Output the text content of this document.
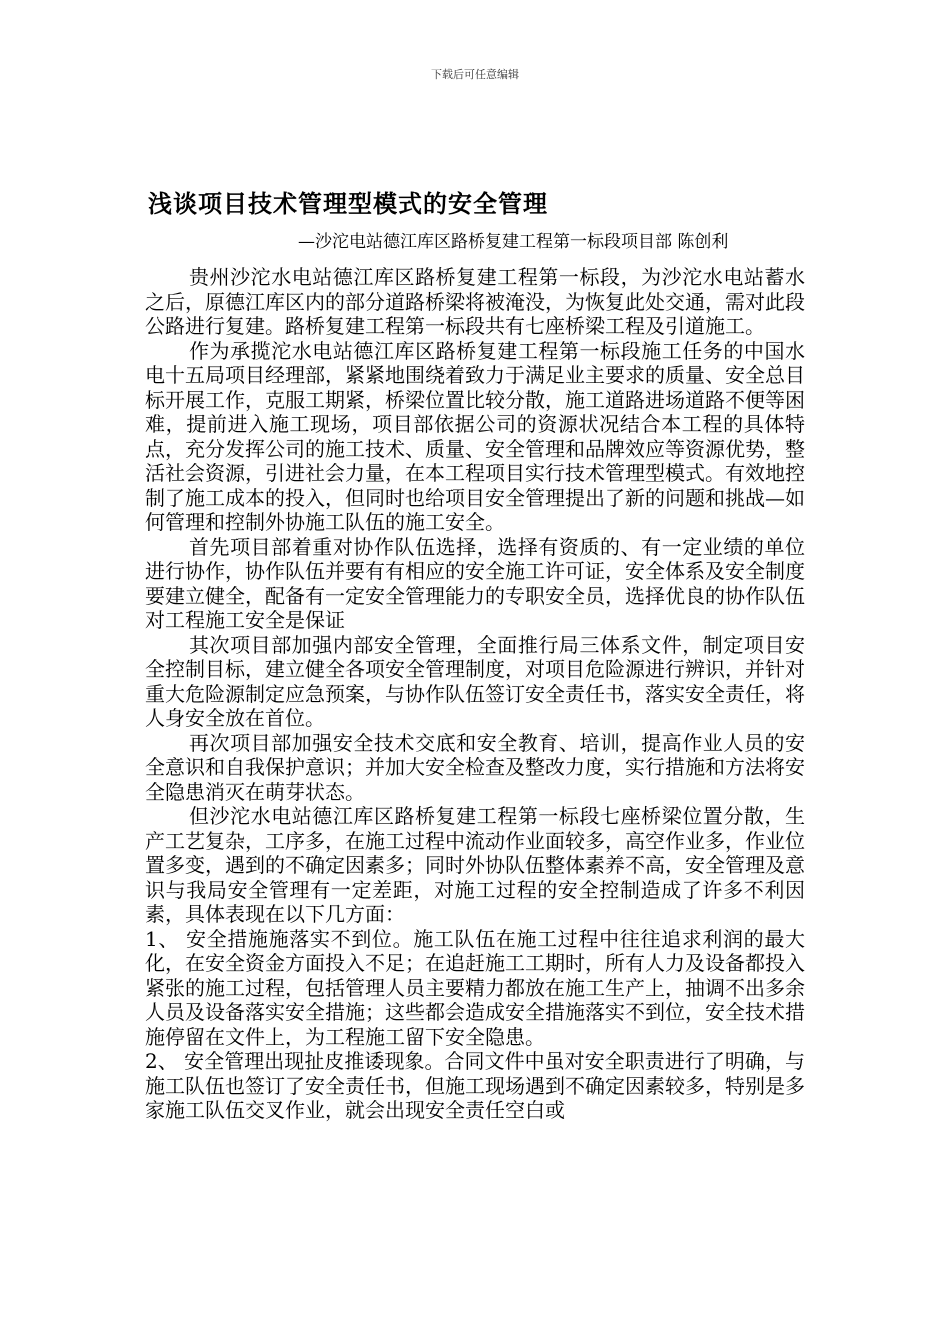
下载后可任意编辑
浅谈项目技术管理型模式的安全管理
—沙沱电站德江库区路桥复建工程第一标段项目部 陈创利

贵州沙沱水电站德江库区路桥复建工程第一标段，为沙沱水电站蓄水之后，原德江库区内的部分道路桥梁将被淹没，为恢复此处交通，需对此段公路进行复建。路桥复建工程第一标段共有七座桥梁工程及引道施工。

作为承揽沱水电站德江库区路桥复建工程第一标段施工任务的中国水电十五局项目经理部，紧紧地围绕着致力于满足业主要求的质量、安全总目标开展工作，克服工期紧，桥梁位置比较分散，施工道路进场道路不便等困难，提前进入施工现场，项目部依据公司的资源状况结合本工程的具体特点，充分发挥公司的施工技术、质量、安全管理和品牌效应等资源优势，整活社会资源，引进社会力量，在本工程项目实行技术管理型模式。有效地控制了施工成本的投入，但同时也给项目安全管理提出了新的问题和挑战—如何管理和控制外协施工队伍的施工安全。

首先项目部着重对协作队伍选择，选择有资质的、有一定业绩的单位进行协作，协作队伍并要有有相应的安全施工许可证，安全体系及安全制度要建立健全，配备有一定安全管理能力的专职安全员，选择优良的协作队伍对工程施工安全是保证

其次项目部加强内部安全管理，全面推行局三体系文件，制定项目安全控制目标，建立健全各项安全管理制度，对项目危险源进行辨识，并针对重大危险源制定应急预案，与协作队伍签订安全责任书，落实安全责任，将人身安全放在首位。

再次项目部加强安全技术交底和安全教育、培训，提高作业人员的安全意识和自我保护意识；并加大安全检查及整改力度，实行措施和方法将安全隐患消灭在萌芽状态。

但沙沱水电站德江库区路桥复建工程第一标段七座桥梁位置分散，生产工艺复杂，工序多，在施工过程中流动作业面较多，高空作业多，作业位置多变，遇到的不确定因素多；同时外协队伍整体素养不高，安全管理及意识与我局安全管理有一定差距，对施工过程的安全控制造成了许多不利因素，具体表现在以下几方面：

1、 安全措施施落实不到位。施工队伍在施工过程中往往追求利润的最大化，在安全资金方面投入不足；在追赶施工工期时，所有人力及设备都投入紧张的施工过程，包括管理人员主要精力都放在施工生产上，抽调不出多余人员及设备落实安全措施；这些都会造成安全措施落实不到位，安全技术措施停留在文件上，为工程施工留下安全隐患。

2、 安全管理出现扯皮推诿现象。合同文件中虽对安全职责进行了明确，与施工队伍也签订了安全责任书，但施工现场遇到不确定因素较多，特别是多家施工队伍交叉作业，就会出现安全责任空白或
